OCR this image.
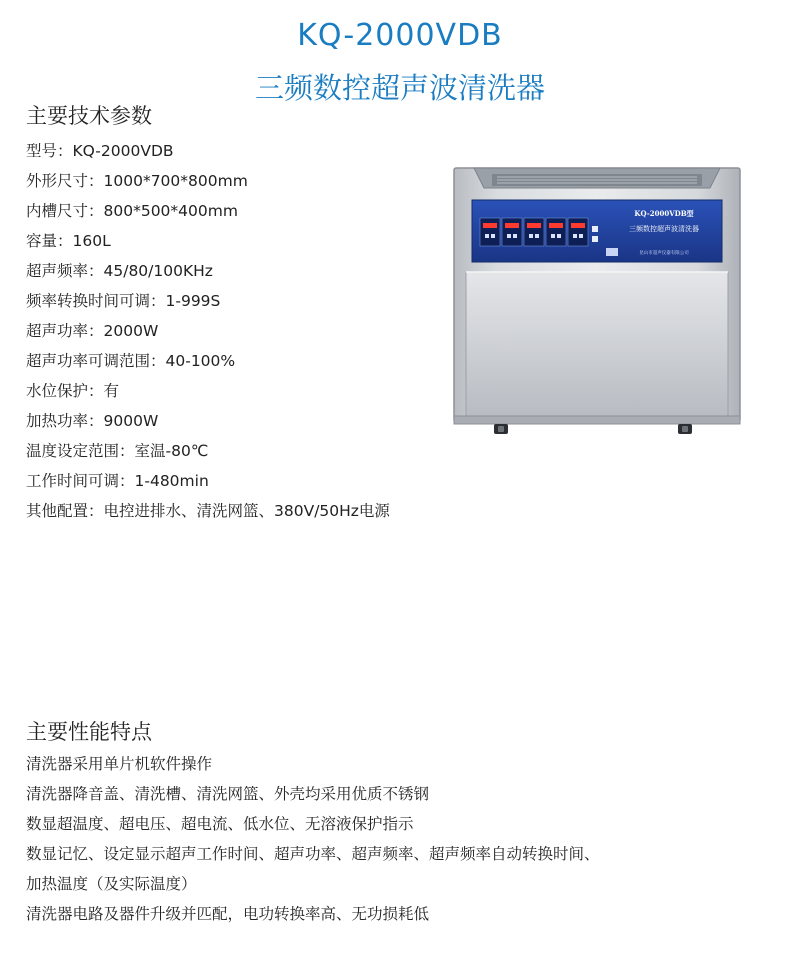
KQ-2000VDB
三频数控超声波清洗器
主要技术参数
型号：KQ-2000VDB
外形尺寸：1000*700*800mm
内槽尺寸：800*500*400mm
容量：160L
超声频率：45/80/100KHz
频率转换时间可调：1-999S
超声功率：2000W
超声功率可调范围：40-100%
水位保护：有
加热功率：9000W
温度设定范围：室温-80℃
工作时间可调：1-480min
其他配置：电控进排水、清洗网篮、380V/50Hz电源
KQ-2000VDB型
三频数控超声波清洗器
昆山市超声仪器有限公司
主要性能特点
清洗器采用单片机软件操作
清洗器降音盖、清洗槽、清洗网篮、外壳均采用优质不锈钢
数显超温度、超电压、超电流、低水位、无溶液保护指示
数显记忆、设定显示超声工作时间、超声功率、超声频率、超声频率自动转换时间、
加热温度（及实际温度）
清洗器电路及器件升级并匹配，电功转换率高、无功损耗低
